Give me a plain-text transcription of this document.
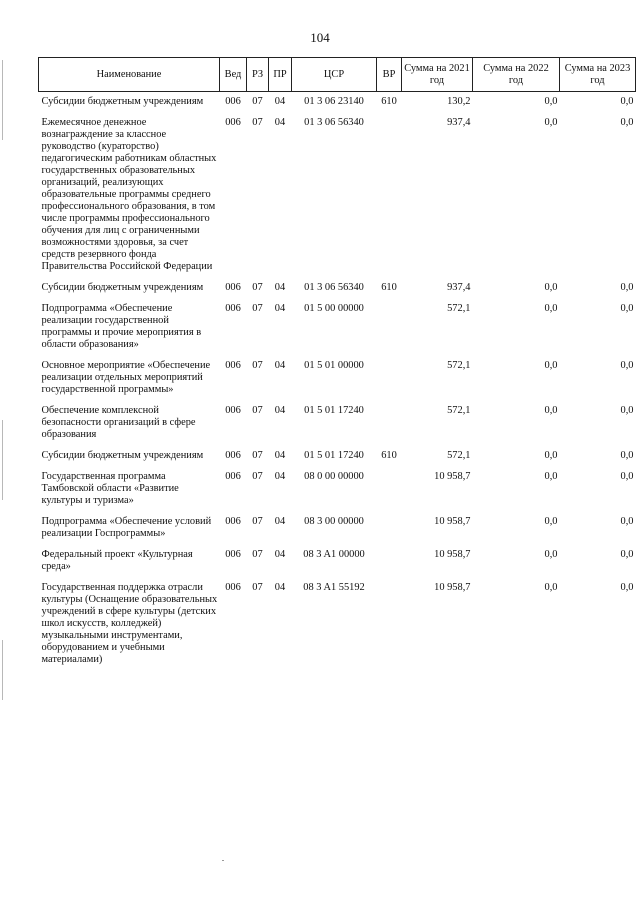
104
Наименование	Вед	РЗ	ПР	ЦСР	ВР	Сумма на 2021 год	Сумма на 2022 год	Сумма на 2023 год
Субсидии бюджетным учреждениям	006	07	04	01 3 06 23140	610	130,2	0,0	0,0
Ежемесячное денежное вознаграждение за классное руководство (кураторство) педагогическим работникам областных государственных образовательных организаций, реализующих образовательные программы среднего профессионального образования, в том числе программы профессионального обучения для лиц с ограниченными возможностями здоровья, за счет средств резервного фонда Правительства Российской Федерации	006	07	04	01 3 06 56340		937,4	0,0	0,0
Субсидии бюджетным учреждениям	006	07	04	01 3 06 56340	610	937,4	0,0	0,0
Подпрограмма «Обеспечение реализации государственной программы и прочие мероприятия в области образования»	006	07	04	01 5 00 00000		572,1	0,0	0,0
Основное мероприятие «Обеспечение реализации отдельных мероприятий государственной программы»	006	07	04	01 5 01 00000		572,1	0,0	0,0
Обеспечение комплексной безопасности организаций в сфере образования	006	07	04	01 5 01 17240		572,1	0,0	0,0
Субсидии бюджетным учреждениям	006	07	04	01 5 01 17240	610	572,1	0,0	0,0
Государственная программа Тамбовской области «Развитие культуры и туризма»	006	07	04	08 0 00 00000		10 958,7	0,0	0,0
Подпрограмма «Обеспечение условий реализации Госпрограммы»	006	07	04	08 3 00 00000		10 958,7	0,0	0,0
Федеральный проект «Культурная среда»	006	07	04	08 3 A1 00000		10 958,7	0,0	0,0
Государственная поддержка отрасли культуры (Оснащение образовательных учреждений в сфере культуры (детских школ искусств, колледжей) музыкальными инструментами, оборудованием и учебными материалами)	006	07	04	08 3 A1 55192		10 958,7	0,0	0,0
